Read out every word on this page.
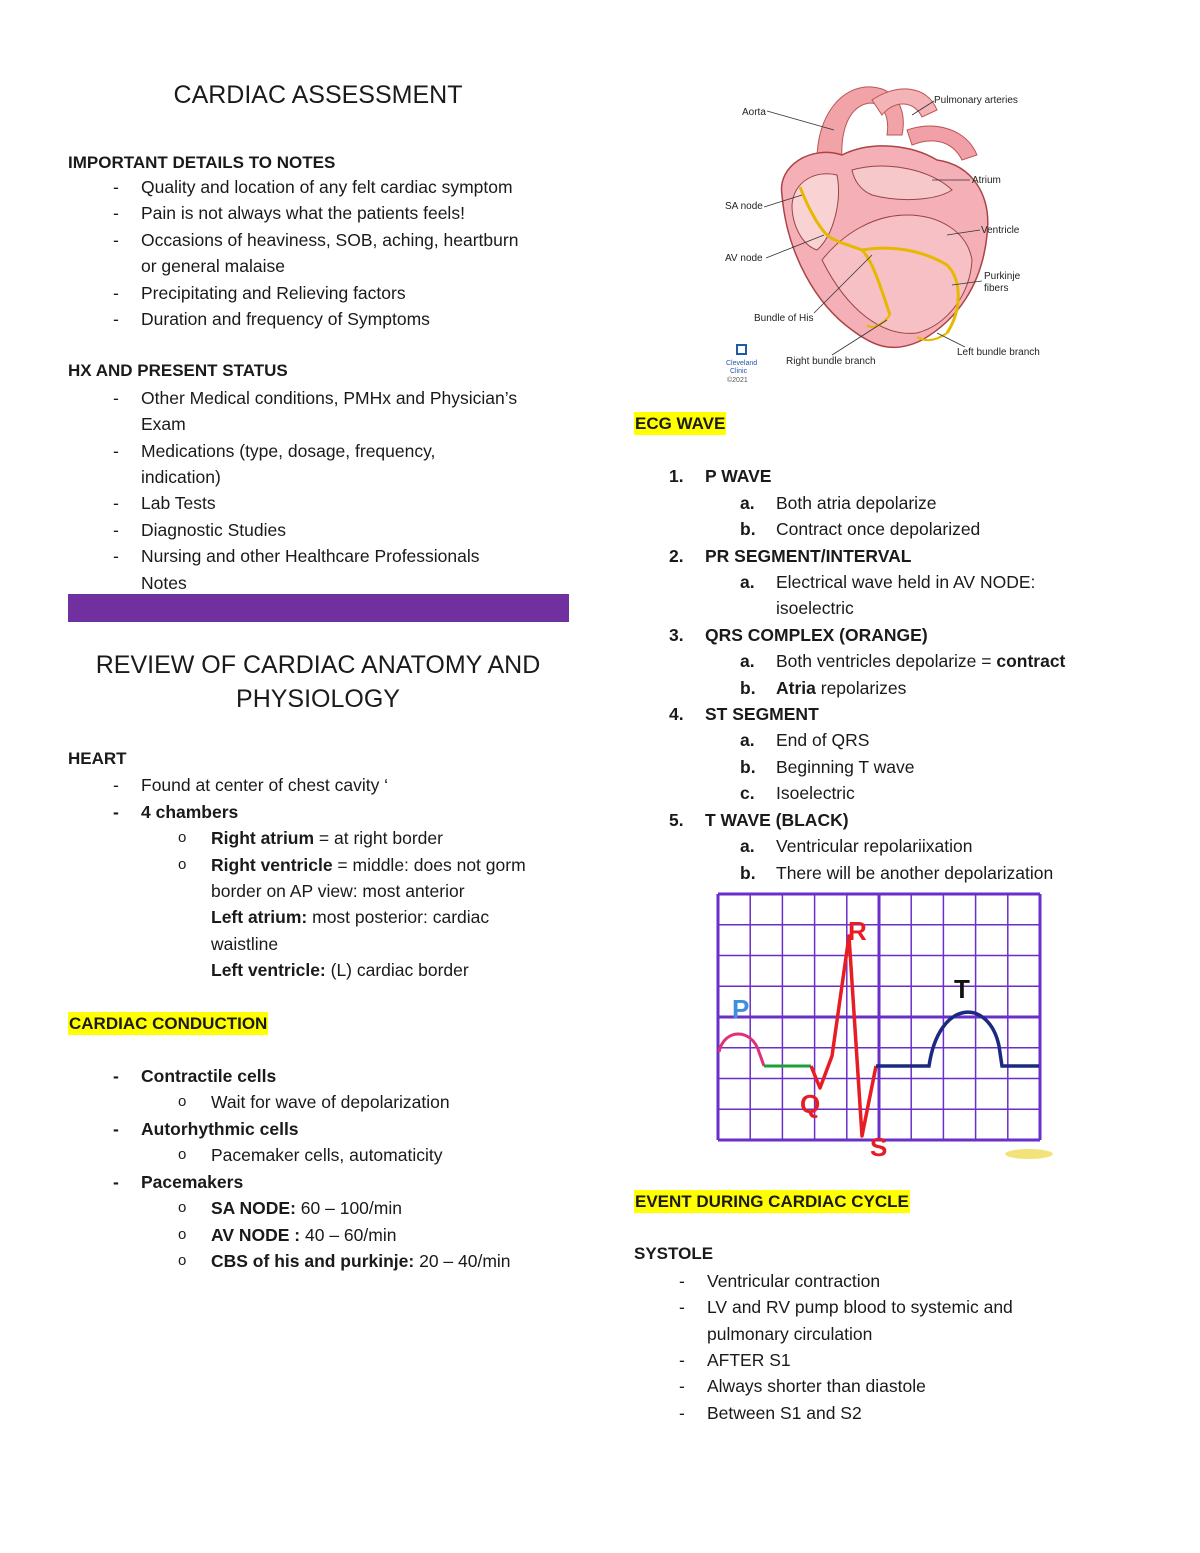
CARDIAC ASSESSMENT
IMPORTANT DETAILS TO NOTES
- Quality and location of any felt cardiac symptom
- Pain is not always what the patients feels!
- Occasions of heaviness, SOB, aching, heartburn
or general malaise
- Precipitating and Relieving factors
- Duration and frequency of Symptoms
HX AND PRESENT STATUS
- Other Medical conditions, PMHx and Physician’s
Exam
- Medications (type, dosage, frequency,
indication)
- Lab Tests
- Diagnostic Studies
- Nursing and other Healthcare Professionals
Notes
REVIEW OF CARDIAC ANATOMY AND
PHYSIOLOGY
HEART
- Found at center of chest cavity ‘
- 4 chambers
o Right atrium = at right border
o Right ventricle = middle: does not gorm
border on AP view: most anterior
Left atrium: most posterior: cardiac
waistline
Left ventricle: (L) cardiac border
CARDIAC CONDUCTION
- Contractile cells
o Wait for wave of depolarization
- Autorhythmic cells
o Pacemaker cells, automaticity
- Pacemakers
o SA NODE: 60 – 100/min
o AV NODE : 40 – 60/min
o CBS of his and purkinje: 20 – 40/min
Aorta
Pulmonary arteries
Atrium
SA node
Ventricle
AV node
Purkinje
fibers
Bundle of His
Left bundle branch
Right bundle branch
Cleveland
Clinic
©2021
ECG WAVE
1. P WAVE
a. Both atria depolarize
b. Contract once depolarized
2. PR SEGMENT/INTERVAL
a. Electrical wave held in AV NODE:
isoelectric
3. QRS COMPLEX (ORANGE)
a. Both ventricles depolarize = contract
b. Atria repolarizes
4. ST SEGMENT
a. End of QRS
b. Beginning T wave
c. Isoelectric
5. T WAVE (BLACK)
a. Ventricular repolariixation
b. There will be another depolarization
P
Q
R
S
T
EVENT DURING CARDIAC CYCLE
SYSTOLE
- Ventricular contraction
- LV and RV pump blood to systemic and
pulmonary circulation
- AFTER S1
- Always shorter than diastole
- Between S1 and S2
